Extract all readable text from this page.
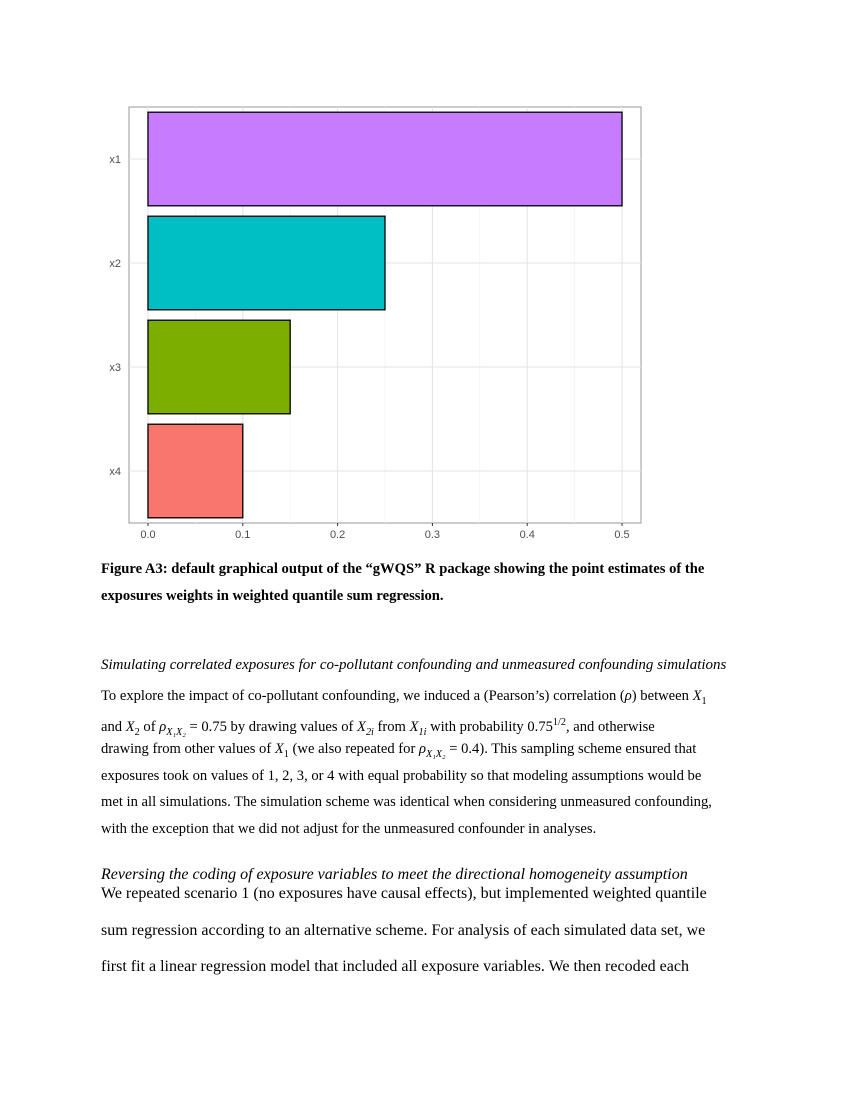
x1
x2
x3
x4
0.0	0.1	0.2	0.3	0.4	0.5
Figure A3: default graphical output of the “gWQS” R package showing the point estimates of the
exposures weights in weighted quantile sum regression.
Simulating correlated exposures for co-pollutant confounding and unmeasured confounding simulations
To explore the impact of co-pollutant confounding, we induced a (Pearson’s) correlation (ρ) between $X_1$
and $X_2$ of $\rho_{X_1X_2} = 0.75$ by drawing values of $X_{2i}$ from $X_{1i}$ with probability $0.75^{1/2}$, and otherwise
drawing from other values of $X_1$ (we also repeated for $\rho_{X_1X_2} = 0.4$). This sampling scheme ensured that
exposures took on values of 1, 2, 3, or 4 with equal probability so that modeling assumptions would be
met in all simulations. The simulation scheme was identical when considering unmeasured confounding,
with the exception that we did not adjust for the unmeasured confounder in analyses.
Reversing the coding of exposure variables to meet the directional homogeneity assumption
We repeated scenario 1 (no exposures have causal effects), but implemented weighted quantile
sum regression according to an alternative scheme. For analysis of each simulated data set, we
first fit a linear regression model that included all exposure variables. We then recoded each
